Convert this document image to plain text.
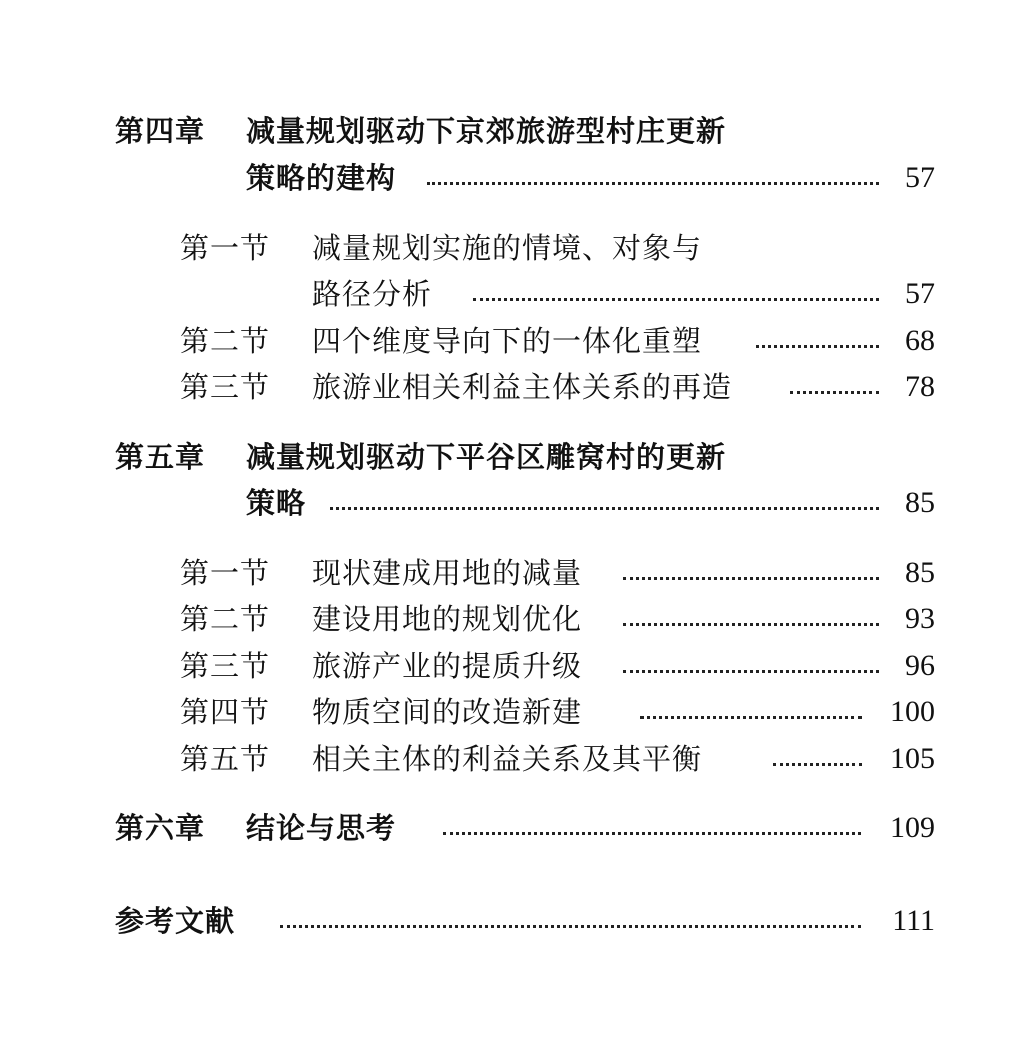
第四章 减量规划驱动下京郊旅游型村庄更新
策略的建构	57
第一节 减量规划实施的情境、对象与
路径分析	57
第二节 四个维度导向下的一体化重塑	68
第三节 旅游业相关利益主体关系的再造	78
第五章 减量规划驱动下平谷区雕窝村的更新
策略	85
第一节 现状建成用地的减量	85
第二节 建设用地的规划优化	93
第三节 旅游产业的提质升级	96
第四节 物质空间的改造新建	100
第五节 相关主体的利益关系及其平衡	105
第六章 结论与思考	109
参考文献	111
